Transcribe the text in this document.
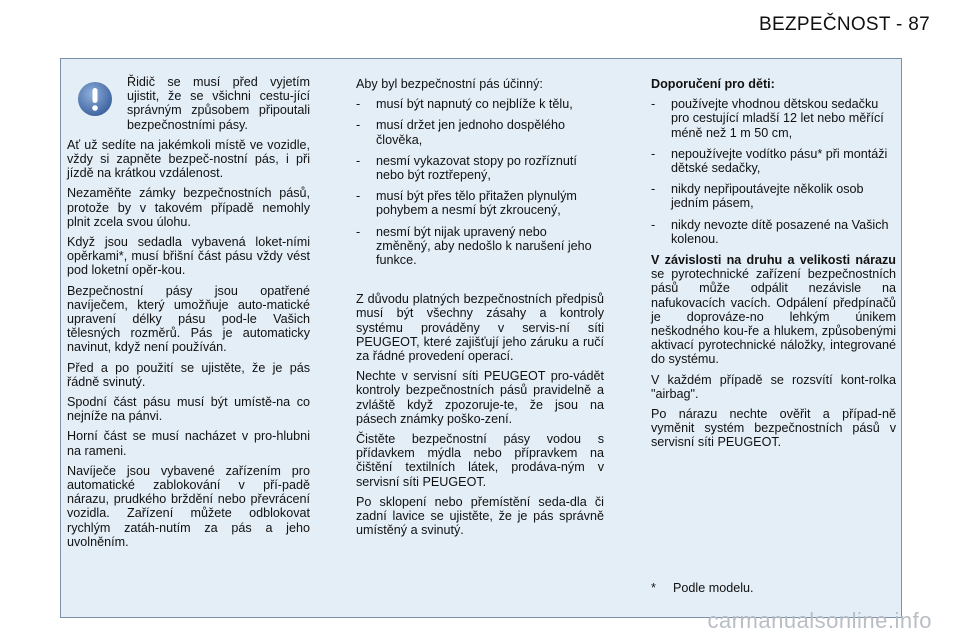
BEZPEČNOST - 87

Řidič se musí před vyjetím ujistit, že se všichni cestu-jící správným způsobem připoutali bezpečnostními pásy.

Ať už sedíte na jakémkoli místě ve vozidle, vždy si zapněte bezpeč-nostní pás, i při jízdě na krátkou vzdálenost.

Nezaměňte zámky bezpečnostních pásů, protože by v takovém případě nemohly plnit zcela svou úlohu.

Když jsou sedadla vybavená loket-ními opěrkami*, musí břišní část pásu vždy vést pod loketní opěr-kou.

Bezpečnostní pásy jsou opatřené navíječem, který umožňuje auto-matické upravení délky pásu pod-le Vašich tělesných rozměrů. Pás je automaticky navinut, když není používán.

Před a po použití se ujistěte, že je pás řádně svinutý.

Spodní část pásu musí být umístě-na co nejníže na pánvi.

Horní část se musí nacházet v pro-hlubni na rameni.

Navíječe jsou vybavené zařízením pro automatické zablokování v pří-padě nárazu, prudkého brždění nebo převrácení vozidla. Zařízení můžete odblokovat rychlým zatáh-nutím za pás a jeho uvolněním.

Aby byl bezpečnostní pás účinný:

- musí být napnutý co nejblíže k tělu,
- musí držet jen jednoho dospělého člověka,
- nesmí vykazovat stopy po rozříznutí nebo být roztřepený,
- musí být přes tělo přitažen plynulým pohybem a nesmí být zkroucený,
- nesmí být nijak upravený nebo změněný, aby nedošlo k narušení jeho funkce.

Z důvodu platných bezpečnostních předpisů musí být všechny zásahy a kontroly systému prováděny v servis-ní síti PEUGEOT, které zajišťují jeho záruku a ručí za řádné provedení operací.

Nechte v servisní síti PEUGEOT pro-vádět kontroly bezpečnostních pásů pravidelně a zvláště když zpozoruje-te, že jsou na pásech známky poško-zení.

Čistěte bezpečnostní pásy vodou s přídavkem mýdla nebo přípravkem na čištění textilních látek, prodáva-ným v servisní síti PEUGEOT.

Po sklopení nebo přemístění seda-dla či zadní lavice se ujistěte, že je pás správně umístěný a svinutý.

Doporučení pro děti:

- používejte vhodnou dětskou sedačku pro cestující mladší 12 let nebo měřící méně než 1 m 50 cm,
- nepoužívejte vodítko pásu* při montáži dětské sedačky,
- nikdy nepřipoutávejte několik osob jedním pásem,
- nikdy nevozte dítě posazené na Vašich kolenou.

V závislosti na druhu a velikosti nárazu se pyrotechnické zařízení bezpečnostních pásů může odpálit nezávisle na nafukovacích vacích. Odpálení předpínačů je doprováze-no lehkým únikem neškodného kou-ře a hlukem, způsobenými aktivací pyrotechnické náložky, integrované do systému.

V každém případě se rozsvítí kont-rolka "airbag".

Po nárazu nechte ověřit a případ-ně vyměnit systém bezpečnostních pásů v servisní síti PEUGEOT.

* Podle modelu.
carmanualsonline.info
